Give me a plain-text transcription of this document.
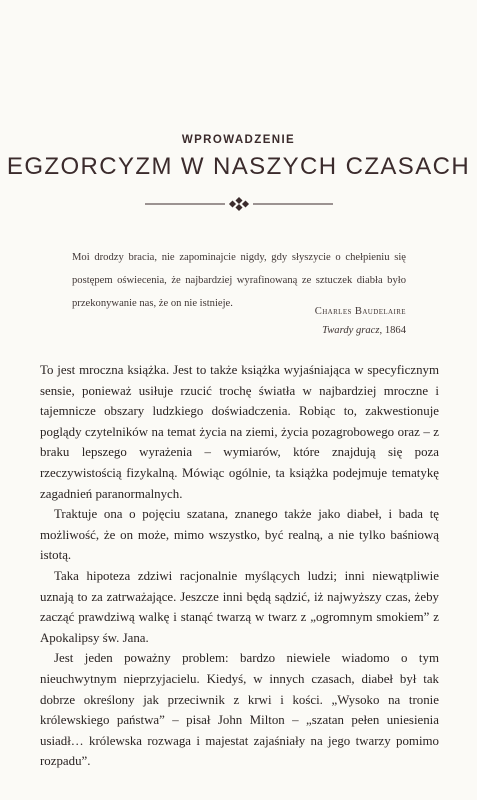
WPROWADZENIE
EGZORCYZM W NASZYCH CZASACH
Moi drodzy bracia, nie zapominajcie nigdy, gdy słyszycie o chełpieniu się postępem oświecenia, że najbardziej wyrafinowaną ze sztuczek diabła było przekonywanie nas, że on nie istnieje.
Charles Baudelaire
Twardy gracz, 1864

To jest mroczna książka. Jest to także książka wyjaśniająca w specyficznym sensie, ponieważ usiłuje rzucić trochę światła w najbardziej mroczne i tajemnicze obszary ludzkiego doświadczenia. Robiąc to, zakwestionuje poglądy czytelników na temat życia na ziemi, życia pozagrobowego oraz – z braku lepszego wyrażenia – wymiarów, które znajdują się poza rzeczywistością fizykalną. Mówiąc ogólnie, ta książka podejmuje tematykę zagadnień paranormalnych.

Traktuje ona o pojęciu szatana, znanego także jako diabeł, i bada tę możliwość, że on może, mimo wszystko, być realną, a nie tylko baśniową istotą.

Taka hipoteza zdziwi racjonalnie myślących ludzi; inni niewątpliwie uznają to za zatrważające. Jeszcze inni będą sądzić, iż najwyższy czas, żeby zacząć prawdziwą walkę i stanąć twarzą w twarz z „ogromnym smokiem” z Apokalipsy św. Jana.

Jest jeden poważny problem: bardzo niewiele wiadomo o tym nieuchwytnym nieprzyjacielu. Kiedyś, w innych czasach, diabeł był tak dobrze określony jak przeciwnik z krwi i kości. „Wysoko na tronie królewskiego państwa” – pisał John Milton – „szatan pełen uniesienia usiadł… królewska rozwaga i majestat zajaśniały na jego twarzy pomimo rozpadu”.
